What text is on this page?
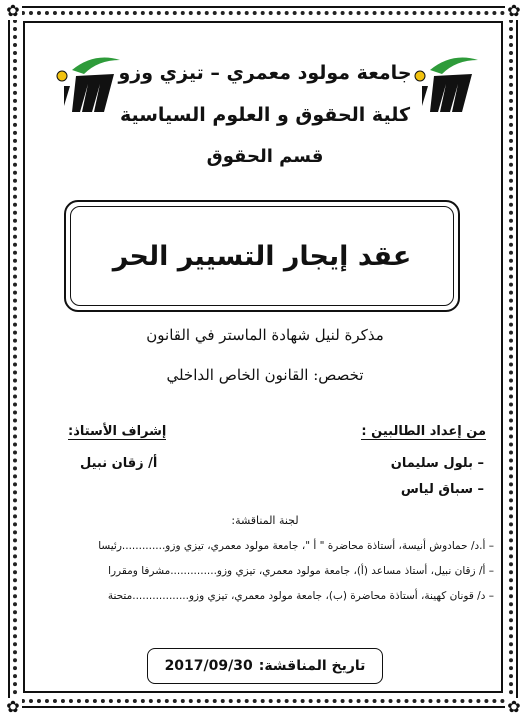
✿	✿
✿	✿
جامعة مولود معمري – تيزي وزو
كلية الحقوق و العلوم السياسية
قسم الحقوق
عقد إيجار التسيير الحر
مذكرة لنيل شهادة الماستر في القانون
تخصص: القانون الخاص الداخلي
من إعداد الطالبين :
– بلول سليمان
– سباق لياس
إشراف الأستاذ:
أ/ زقان نبيل
لجنة المناقشة:
– أ.د/ حمادوش أنيسة، أستاذة محاضرة " أ "، جامعة مولود معمري، تيزي وزو.............رئيسا
– أ/ زقان نبيل، أستاذ مساعد (أ)، جامعة مولود معمري، تيزي وزو..............مشرفا ومقررا
– د/ قونان كهينة، أستاذة محاضرة (ب)، جامعة مولود معمري، تيزي وزو.................متحنة
تاريخ المناقشة:
2017/09/30
